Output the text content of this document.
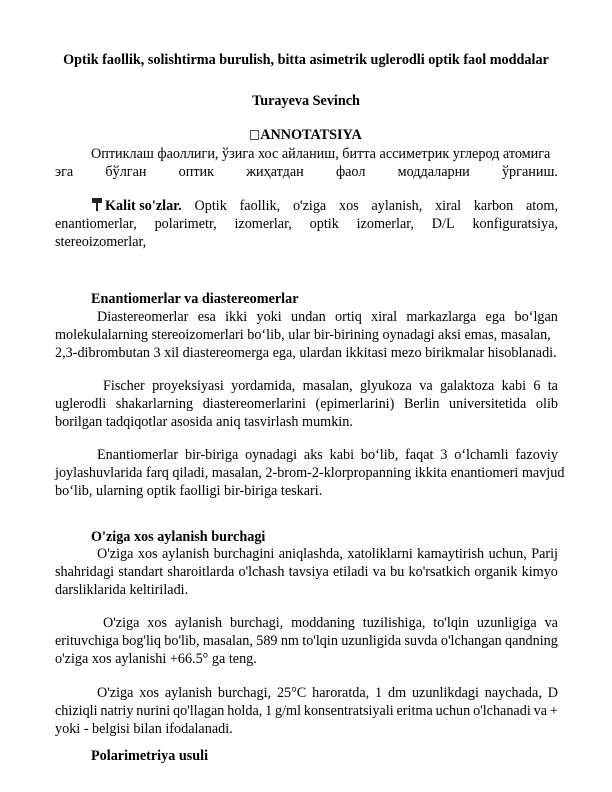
Optik faollik, solishtirma burulish, bitta asimetrik uglerodli optik faol moddalar
Turayeva Sevinch
ANNOTATSIYA
Оптиклаш фаоллиги, ўзига хос айланиш, битта ассиметрик углерод атомига
эга бўлган оптик жиҳатдан фаол моддаларни ўрганиш.
Kalit so'zlar. Optik faollik, o'ziga xos aylanish, xiral karbon atom,
enantiomerlar, polarimetr, izomerlar, optik izomerlar, D/L konfiguratsiya,
stereoizomerlar,
Enantiomerlar va diastereomerlar
Diastereomerlar esa ikki yoki undan ortiq xiral markazlarga ega bo‘lgan
molekulalarning stereoizomerlari bo‘lib, ular bir-birining oynadagi aksi emas, masalan,
2,3-dibrombutan 3 xil diastereomerga ega, ulardan ikkitasi mezo birikmalar hisoblanadi.
Fischer proyeksiyasi yordamida, masalan, glyukoza va galaktoza kabi 6 ta
uglerodli shakarlarning diastereomerlarini (epimerlarini) Berlin universitetida olib
borilgan tadqiqotlar asosida aniq tasvirlash mumkin.
Enantiomerlar bir-biriga oynadagi aks kabi bo‘lib, faqat 3 o‘lchamli fazoviy
joylashuvlarida farq qiladi, masalan, 2-brom-2-klorpropanning ikkita enantiomeri mavjud
bo‘lib, ularning optik faolligi bir-biriga teskari.
O'ziga xos aylanish burchagi
O'ziga xos aylanish burchagini aniqlashda, xatoliklarni kamaytirish uchun, Parij
shahridagi standart sharoitlarda o'lchash tavsiya etiladi va bu ko'rsatkich organik kimyo
darsliklarida keltiriladi.
O'ziga xos aylanish burchagi, moddaning tuzilishiga, to'lqin uzunligiga va
erituvchiga bog'liq bo'lib, masalan, 589 nm to'lqin uzunligida suvda o'lchangan qandning
o'ziga xos aylanishi +66.5° ga teng.
O'ziga xos aylanish burchagi, 25°C haroratda, 1 dm uzunlikdagi naychada, D
chiziqli natriy nurini qo'llagan holda, 1 g/ml konsentratsiyali eritma uchun o'lchanadi va +
yoki - belgisi bilan ifodalanadi.
Polarimetriya usuli
